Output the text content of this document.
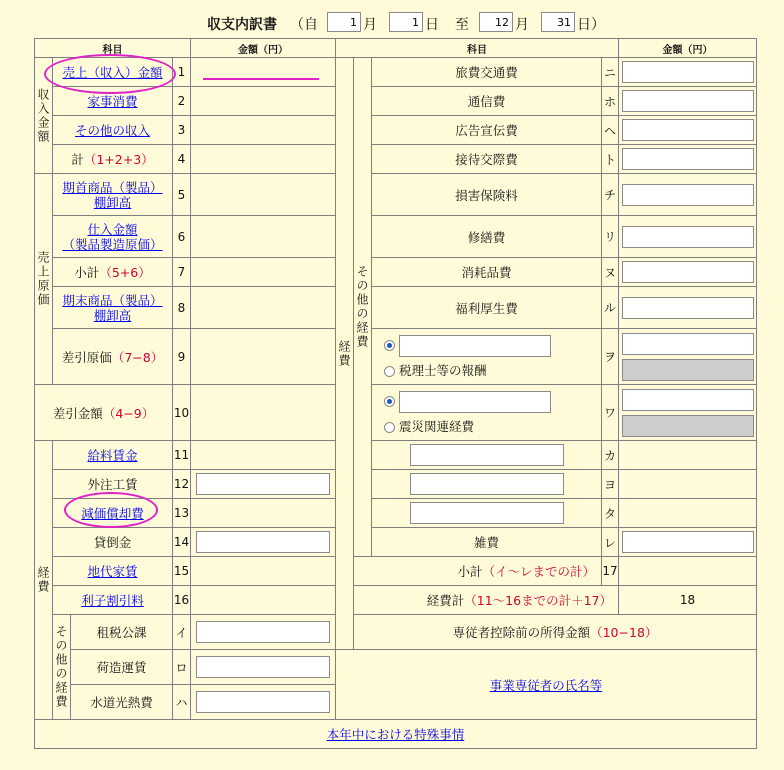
収支内訳書 （自
1	月
1	日 至
12	月
31	日）
科目				金額（円）	科目				金額（円）	

収入金額	売上（収入）金額		1		経費	その他の経費	旅費交通費	ニ	

	家事消費		2				通信費	ホ	

	その他の収入		3				広告宣伝費	ヘ	

	計（1+2+3）		4				接待交際費	ト	

売上原価	期首商品（製品）
棚卸高		5				損害保険料	チ	

	仕入金額
（製品製造原価）		6				修繕費	リ	

	小計（5+6）		7				消耗品費	ヌ	

	期末商品（製品）
棚卸高		8				福利厚生費	ル	

	差引原価（7−8）		9				税理士等の報酬	ヲ	

差引金額（4−9）			10				震災関連経費	ワ	

経費	給料賃金		11					カ		
	外注工賃		12					ヨ		
	減価償却費		13					タ		
	貸倒金		14				雑費	レ	

	地代家賃		15			小計（イ〜レまでの計）		17		
	利子割引料		16			経費計（11〜16までの計＋17）			18	

	その他の経費	租税公課	イ			専従者控除前の所得金額（10−18）		
		荷造運賃	ロ		事業専従者の氏名等					
		水道光熱費	ハ	

本年中における特殊事情										
